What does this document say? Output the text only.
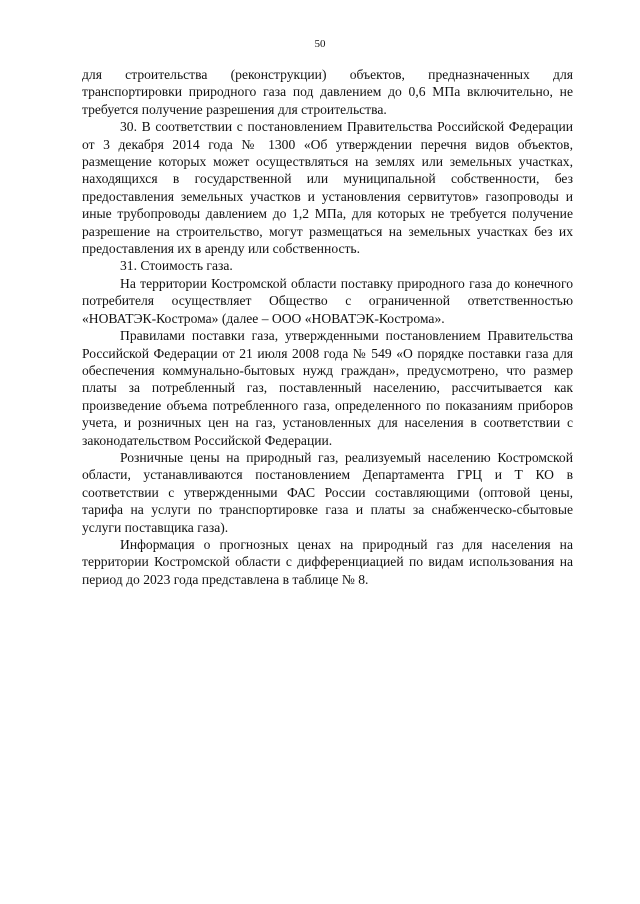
50

для строительства (реконструкции) объектов, предназначенных для транспортировки природного газа под давлением до 0,6 МПа включительно, не требуется получение разрешения для строительства.

30. В соответствии с постановлением Правительства Российской Федерации от 3 декабря 2014 года № 1300 «Об утверждении перечня видов объектов, размещение которых может осуществляться на землях или земельных участках, находящихся в государственной или муниципальной собственности, без предоставления земельных участков и установления сервитутов» газопроводы и иные трубопроводы давлением до 1,2 МПа, для которых не требуется получение разрешение на строительство, могут размещаться на земельных участках без их предоставления их в аренду или собственность.

31. Стоимость газа.

На территории Костромской области поставку природного газа до конечного потребителя осуществляет Общество с ограниченной ответственностью «НОВАТЭК-Кострома» (далее – ООО «НОВАТЭК-Кострома».

Правилами поставки газа, утвержденными постановлением Правительства Российской Федерации от 21 июля 2008 года № 549 «О порядке поставки газа для обеспечения коммунально-бытовых нужд граждан», предусмотрено, что размер платы за потребленный газ, поставленный населению, рассчитывается как произведение объема потребленного газа, определенного по показаниям приборов учета, и розничных цен на газ, установленных для населения в соответствии с законодательством Российской Федерации.

Розничные цены на природный газ, реализуемый населению Костромской области, устанавливаются постановлением Департамента ГРЦ и Т КО в соответствии с утвержденными ФАС России составляющими (оптовой цены, тарифа на услуги по транспортировке газа и платы за снабженческо-сбытовые услуги поставщика газа).

Информация о прогнозных ценах на природный газ для населения на территории Костромской области с дифференциацией по видам использования на период до 2023 года представлена в таблице № 8.
